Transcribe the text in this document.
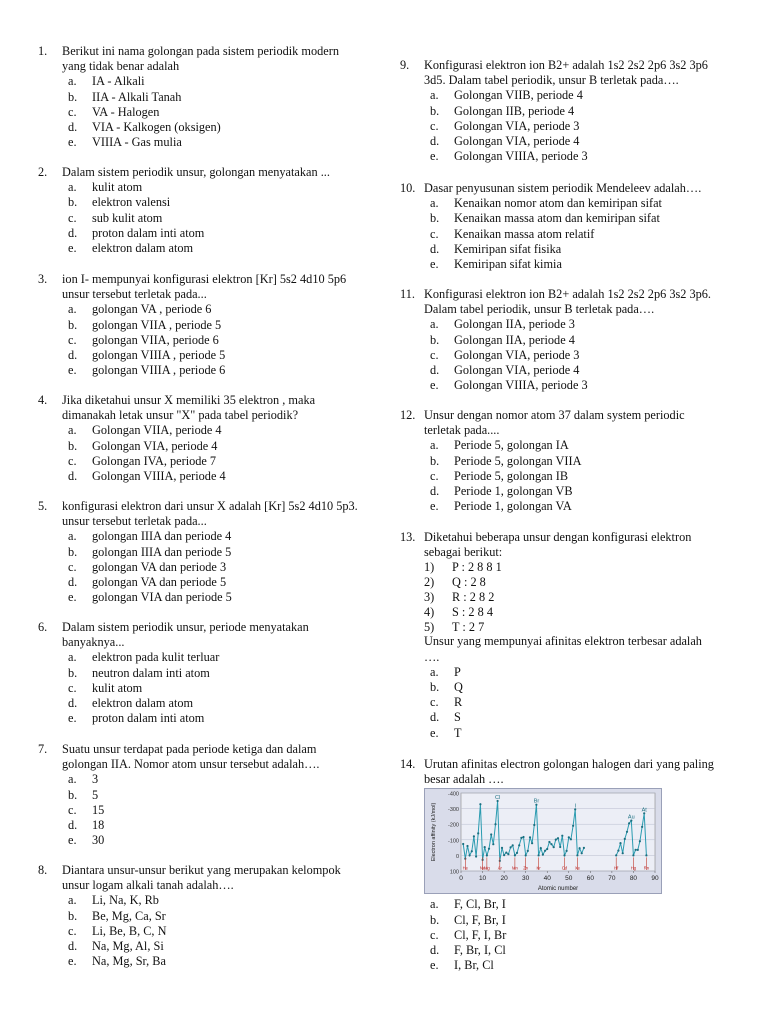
1.	Berikut ini nama golongan pada sistem periodik modern yang tidak benar adalah
a.	IA - Alkali
b.	IIA - Alkali Tanah
c.	VA - Halogen
d.	VIA - Kalkogen (oksigen)
e.	VIIIA - Gas mulia
2.	Dalam sistem periodik unsur, golongan menyatakan ...
a.	kulit atom
b.	elektron valensi
c.	sub kulit atom
d.	proton dalam inti atom
e.	elektron dalam atom
3.	ion I- mempunyai konfigurasi elektron [Kr] 5s2 4d10 5p6 unsur tersebut terletak pada...
a.	golongan VA , periode 6
b.	golongan VIIA , periode 5
c.	golongan VIIA, periode 6
d.	golongan VIIIA , periode 5
e.	golongan VIIIA , periode 6
4.	Jika diketahui unsur X memiliki 35 elektron , maka dimanakah letak unsur "X" pada tabel periodik?
a.	Golongan VIIA, periode 4
b.	Golongan VIA, periode 4
c.	Golongan IVA, periode 7
d.	Golongan VIIIA, periode 4
5.	konfigurasi elektron dari unsur X adalah [Kr] 5s2 4d10 5p3. unsur tersebut terletak pada...
a.	golongan IIIA dan periode 4
b.	golongan IIIA dan periode 5
c.	golongan VA dan periode 3
d.	golongan VA dan periode 5
e.	golongan VIA dan periode 5
6.	Dalam sistem periodik unsur, periode menyatakan banyaknya...
a.	elektron pada kulit terluar
b.	neutron dalam inti atom
c.	kulit atom
d.	elektron dalam atom
e.	proton dalam inti atom
7.	Suatu unsur terdapat pada periode ketiga dan dalam golongan IIA. Nomor atom unsur tersebut adalah….
a.	3
b.	5
c.	15
d.	18
e.	30
8.	Diantara unsur-unsur berikut yang merupakan kelompok unsur logam alkali tanah adalah….
a.	Li, Na, K, Rb
b.	Be, Mg, Ca, Sr
c.	Li, Be, B, C, N
d.	Na, Mg, Al, Si
e.	Na, Mg, Sr, Ba
9.	Konfigurasi elektron ion B2+ adalah 1s2 2s2 2p6 3s2 3p6 3d5. Dalam tabel periodik, unsur B terletak pada….
a.	Golongan VIIB, periode 4
b.	Golongan IIB, periode 4
c.	Golongan VIA, periode 3
d.	Golongan VIA, periode 4
e.	Golongan VIIIA, periode 3
10. Dasar penyusunan sistem periodik Mendeleev adalah….
a.	Kenaikan nomor atom dan kemiripan sifat
b.	Kenaikan massa atom dan kemiripan sifat
c.	Kenaikan massa atom relatif
d.	Kemiripan sifat fisika
e.	Kemiripan sifat kimia
11. Konfigurasi elektron ion B2+ adalah 1s2 2s2 2p6 3s2 3p6. Dalam tabel periodik, unsur B terletak pada….
a.	Golongan IIA, periode 3
b.	Golongan IIA, periode 4
c.	Golongan VIA, periode 3
d.	Golongan VIA, periode 4
e.	Golongan VIIIA, periode 3
12. Unsur dengan nomor atom 37 dalam system periodic terletak pada....
a.	Periode 5, golongan IA
b.	Periode 5, golongan VIIA
c.	Periode 5, golongan IB
d.	Periode 1, golongan VB
e.	Periode 1, golongan VA
13. Diketahui beberapa unsur dengan konfigurasi elektron sebagai berikut:
1)	P : 2 8 8 1
2)	Q : 2 8
3)	R : 2 8 2
4)	S : 2 8 4
5)	T : 2 7
Unsur yang mempunyai afinitas elektron terbesar adalah ….
a.	P
b.	Q
c.	R
d.	S
e.	T
14. Urutan afinitas electron golongan halogen dari yang paling besar adalah ….
a.	F, Cl, Br, I
b.	Cl, F, Br, I
c.	Cl, F, I, Br
d.	F, Br, I, Cl
e.	I, Br, Cl
-400
-300
-200
-100
0
100
0 10 20 30 40 50 60 70 80 90
Atomic number
Electron affinity (kJ/mol)
Cl
Br
I
Au
At
He	Ne
Mg Ar Mn Zn Kr	Cd Xe	Hf	Hg Rn
